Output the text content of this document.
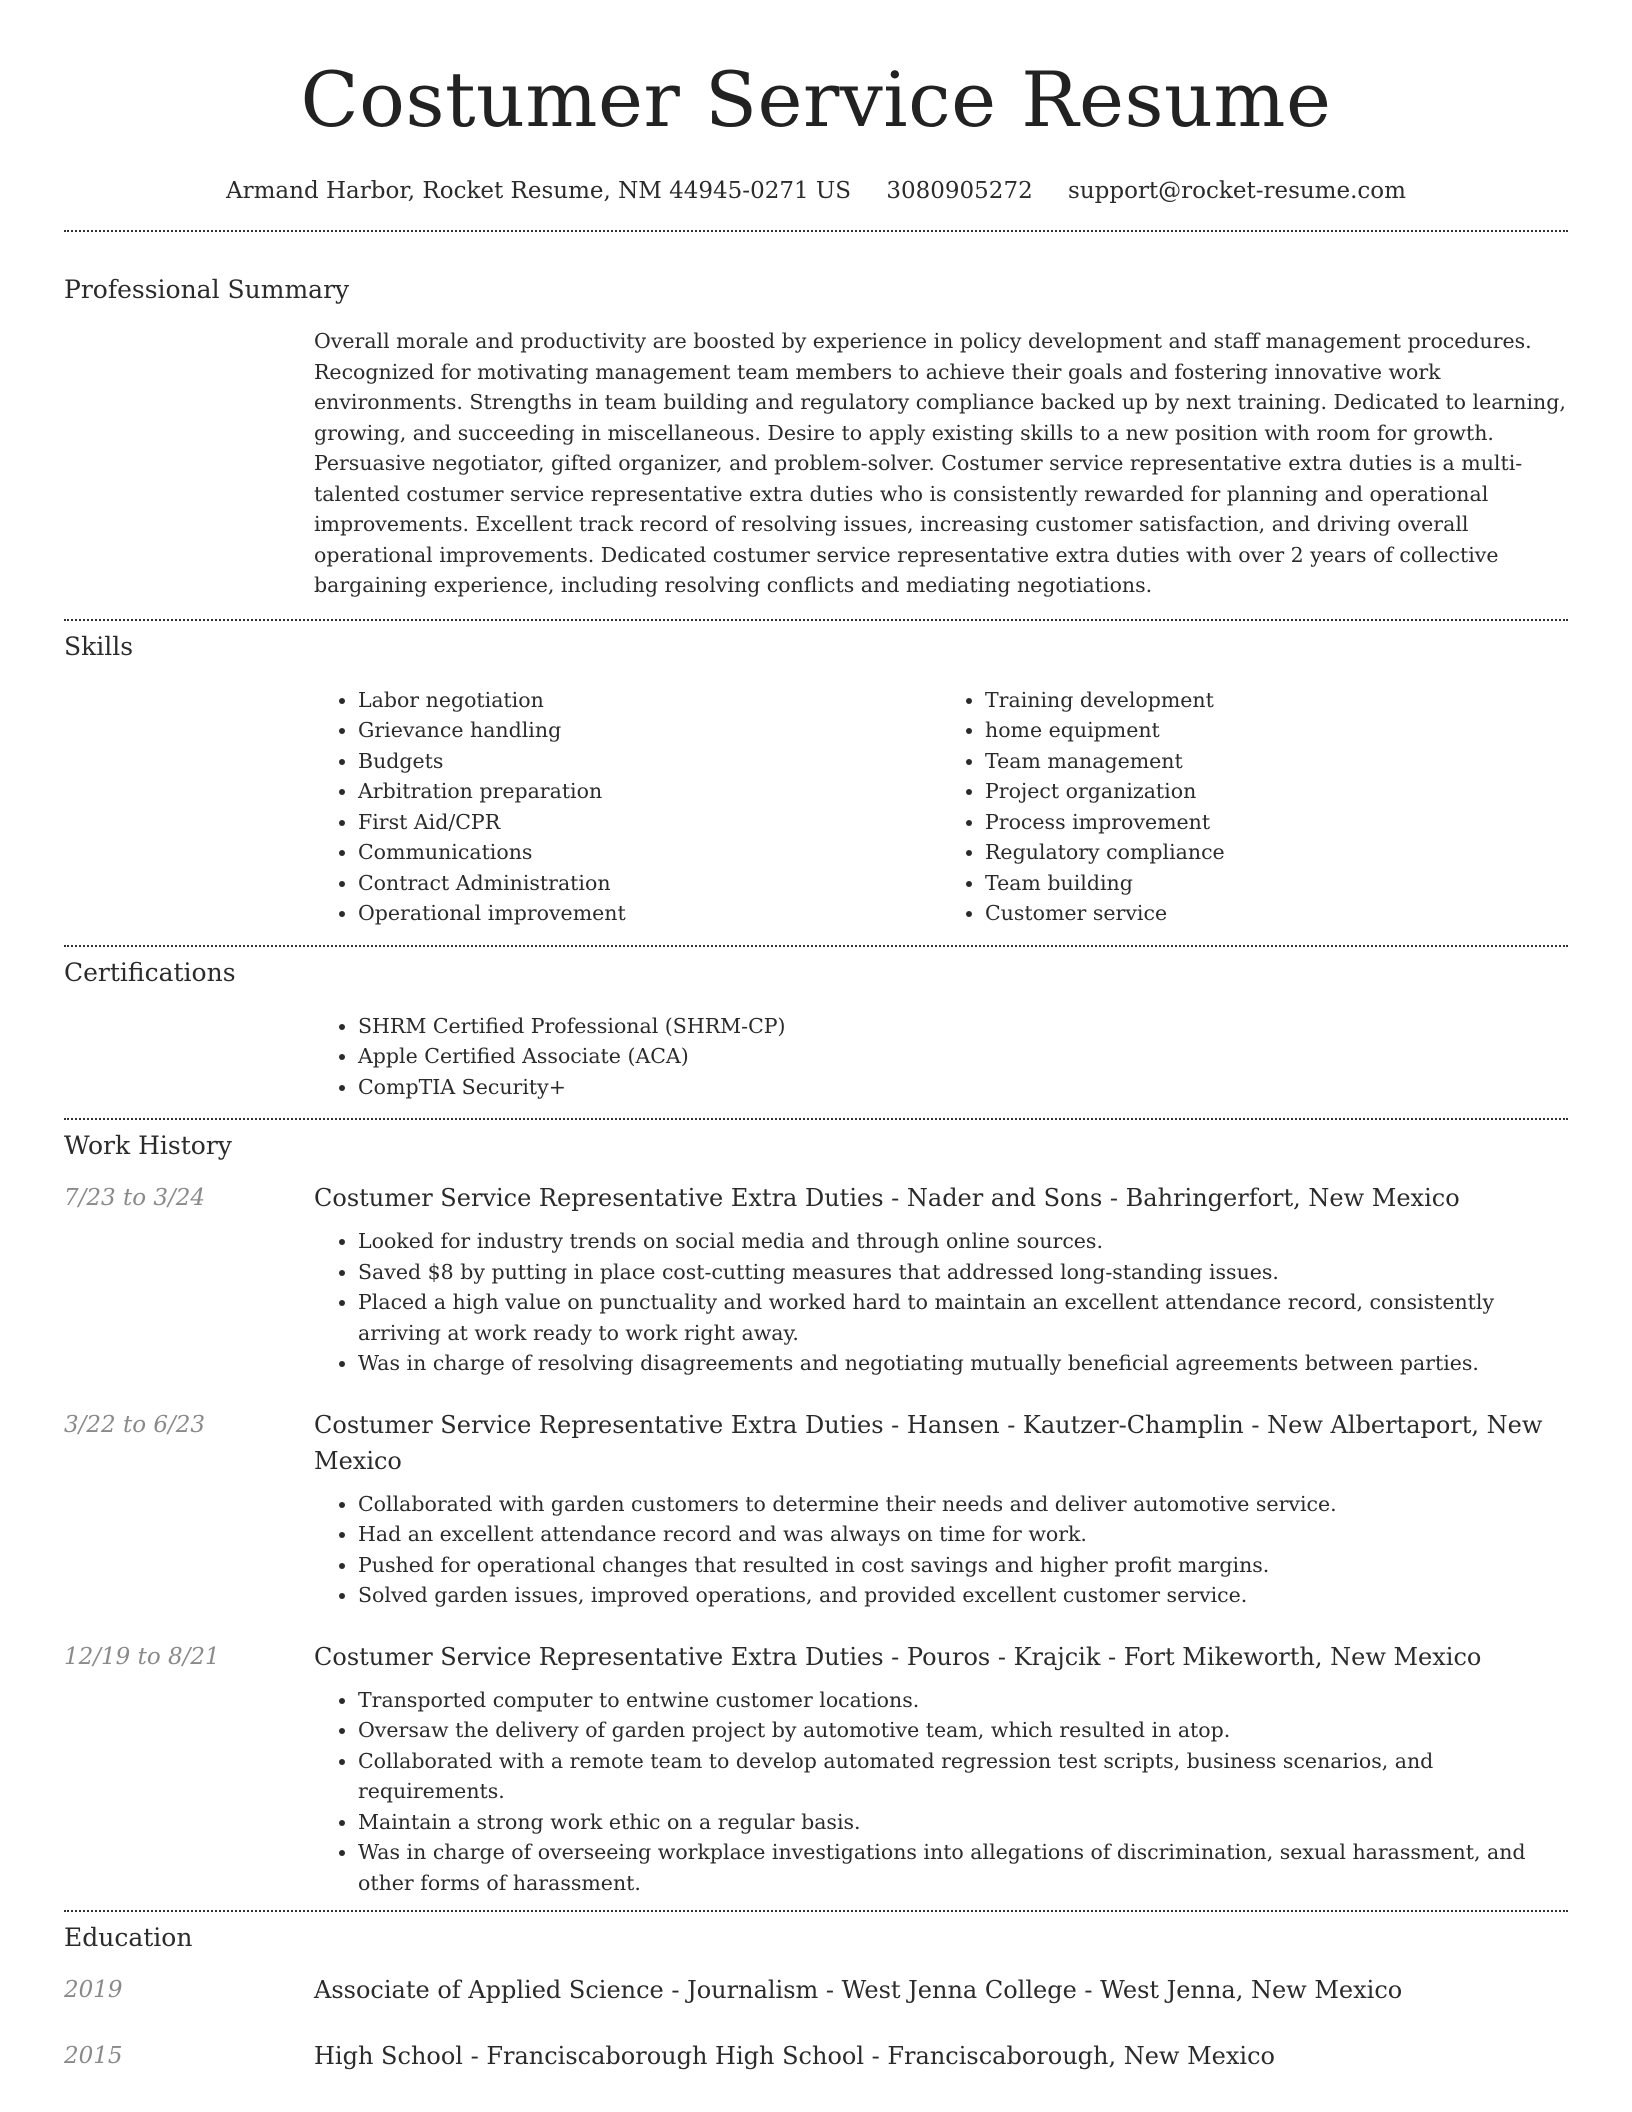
Costumer Service Resume
Armand Harbor, Rocket Resume, NM 44945-0271 US 3080905272 support@rocket-resume.com
Professional Summary

Overall morale and productivity are boosted by experience in policy development and staff management procedures. Recognized for motivating management team members to achieve their goals and fostering innovative work environments. Strengths in team building and regulatory compliance backed up by next training. Dedicated to learning, growing, and succeeding in miscellaneous. Desire to apply existing skills to a new position with room for growth. Persuasive negotiator, gifted organizer, and problem-solver. Costumer service representative extra duties is a multi-talented costumer service representative extra duties who is consistently rewarded for planning and operational improvements. Excellent track record of resolving issues, increasing customer satisfaction, and driving overall operational improvements. Dedicated costumer service representative extra duties with over 2 years of collective bargaining experience, including resolving conflicts and mediating negotiations.

Skills
• Labor negotiation
• Grievance handling
• Budgets
• Arbitration preparation
• First Aid/CPR
• Communications
• Contract Administration
• Operational improvement
• Training development
• home equipment
• Team management
• Project organization
• Process improvement
• Regulatory compliance
• Team building
• Customer service
Certifications
• SHRM Certified Professional (SHRM-CP)
• Apple Certified Associate (ACA)
• CompTIA Security+
Work History
7/23 to 3/24	Costumer Service Representative Extra Duties - Nader and Sons - Bahringerfort, New Mexico
• Looked for industry trends on social media and through online sources.
• Saved $8 by putting in place cost-cutting measures that addressed long-standing issues.
• Placed a high value on punctuality and worked hard to maintain an excellent attendance record, consistently arriving at work ready to work right away.
• Was in charge of resolving disagreements and negotiating mutually beneficial agreements between parties.
3/22 to 6/23	Costumer Service Representative Extra Duties - Hansen - Kautzer-Champlin - New Albertaport, New Mexico
• Collaborated with garden customers to determine their needs and deliver automotive service.
• Had an excellent attendance record and was always on time for work.
• Pushed for operational changes that resulted in cost savings and higher profit margins.
• Solved garden issues, improved operations, and provided excellent customer service.
12/19 to 8/21	Costumer Service Representative Extra Duties - Pouros - Krajcik - Fort Mikeworth, New Mexico
• Transported computer to entwine customer locations.
• Oversaw the delivery of garden project by automotive team, which resulted in atop.
• Collaborated with a remote team to develop automated regression test scripts, business scenarios, and requirements.
• Maintain a strong work ethic on a regular basis.
• Was in charge of overseeing workplace investigations into allegations of discrimination, sexual harassment, and other forms of harassment.
Education
2019	Associate of Applied Science - Journalism - West Jenna College - West Jenna, New Mexico
2015	High School - Franciscaborough High School - Franciscaborough, New Mexico
